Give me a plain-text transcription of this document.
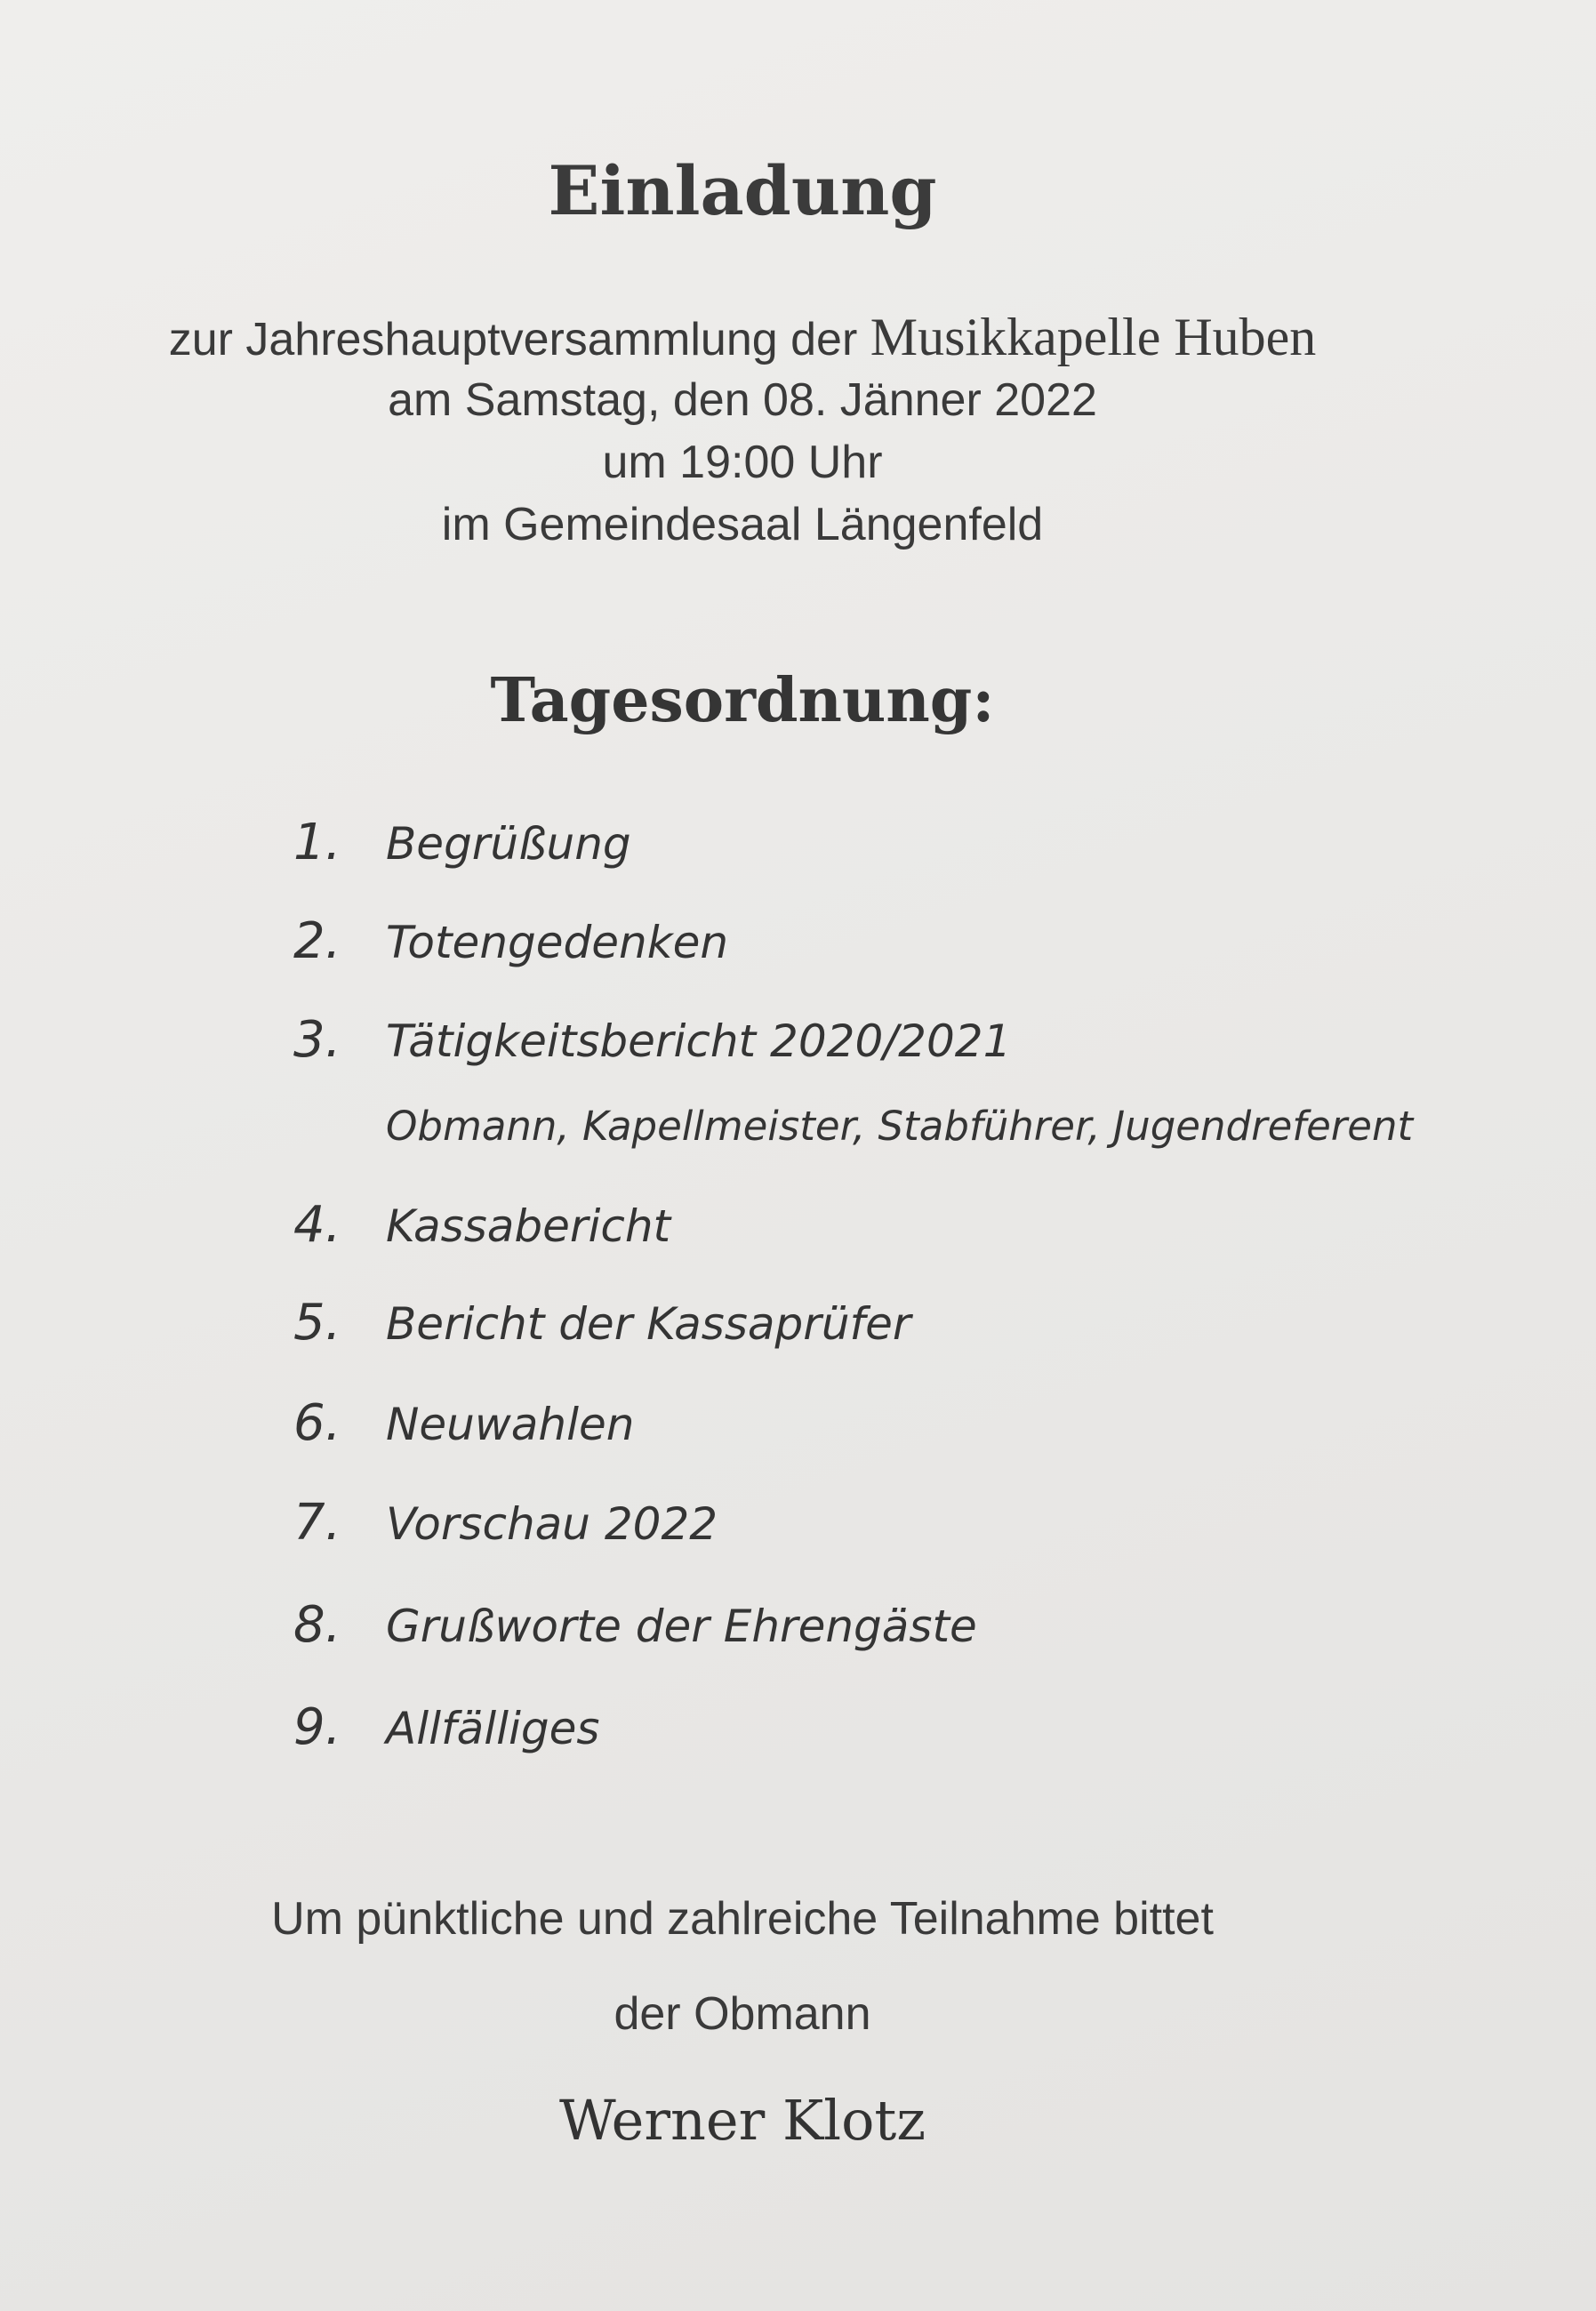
Einladung
zur Jahreshauptversammlung der Musikkapelle Huben
am Samstag, den 08. Jänner 2022
um 19:00 Uhr
im Gemeindesaal Längenfeld
Tagesordnung:
1. Begrüßung
2. Totengedenken
3. Tätigkeitsbericht 2020/2021
Obmann, Kapellmeister, Stabführer, Jugendreferent
4. Kassabericht
5. Bericht der Kassaprüfer
6. Neuwahlen
7. Vorschau 2022
8. Grußworte der Ehrengäste
9. Allfälliges
Um pünktliche und zahlreiche Teilnahme bittet
der Obmann
Werner Klotz
